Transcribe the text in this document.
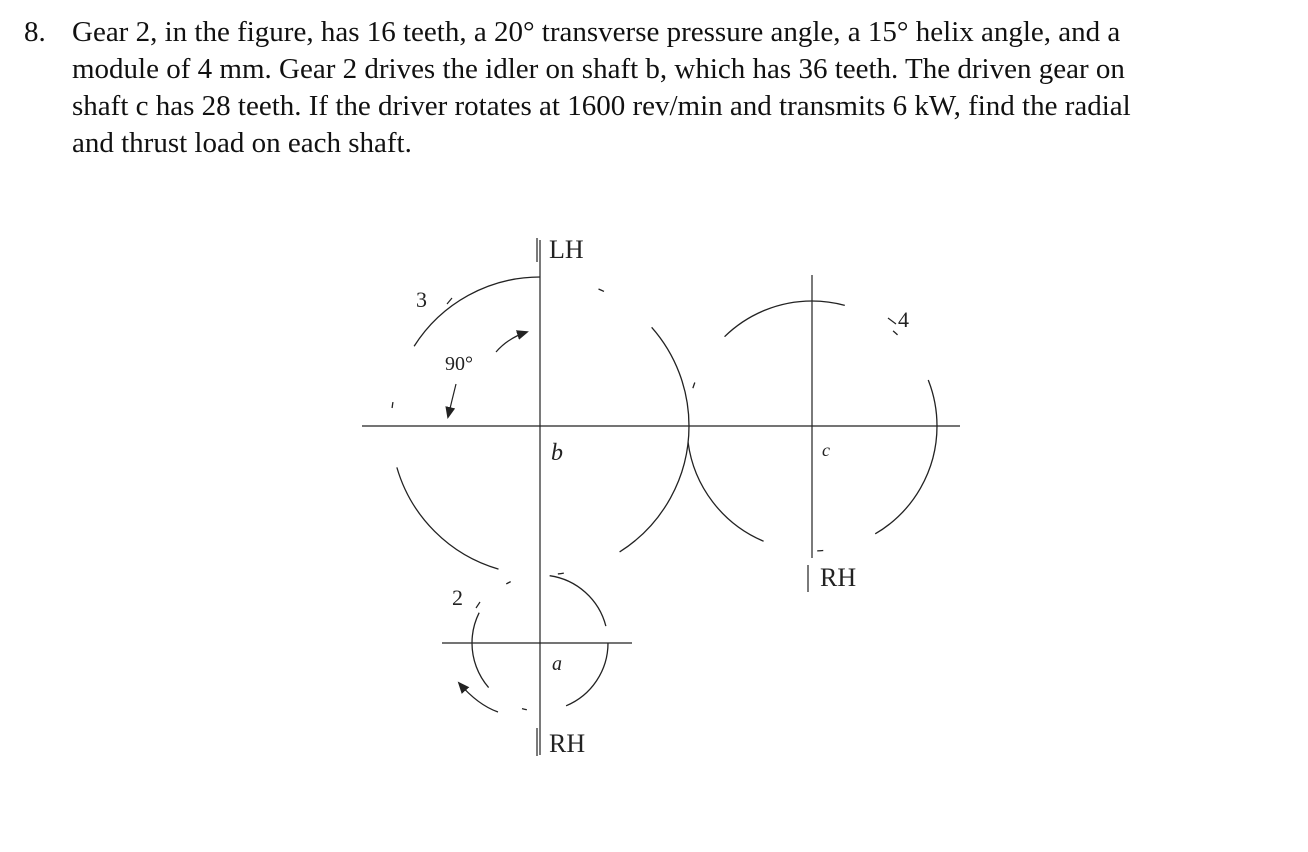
8. Gear 2, in the figure, has 16 teeth, a 20° transverse pressure angle, a 15° helix angle, and a
module of 4 mm. Gear 2 drives the idler on shaft b, which has 36 teeth. The driven gear on
shaft c has 28 teeth. If the driver rotates at 1600 rev/min and transmits 6 kW, find the radial
and thrust load on each shaft.
LH
3
4
90°
b	c
RH
2
a
RH
